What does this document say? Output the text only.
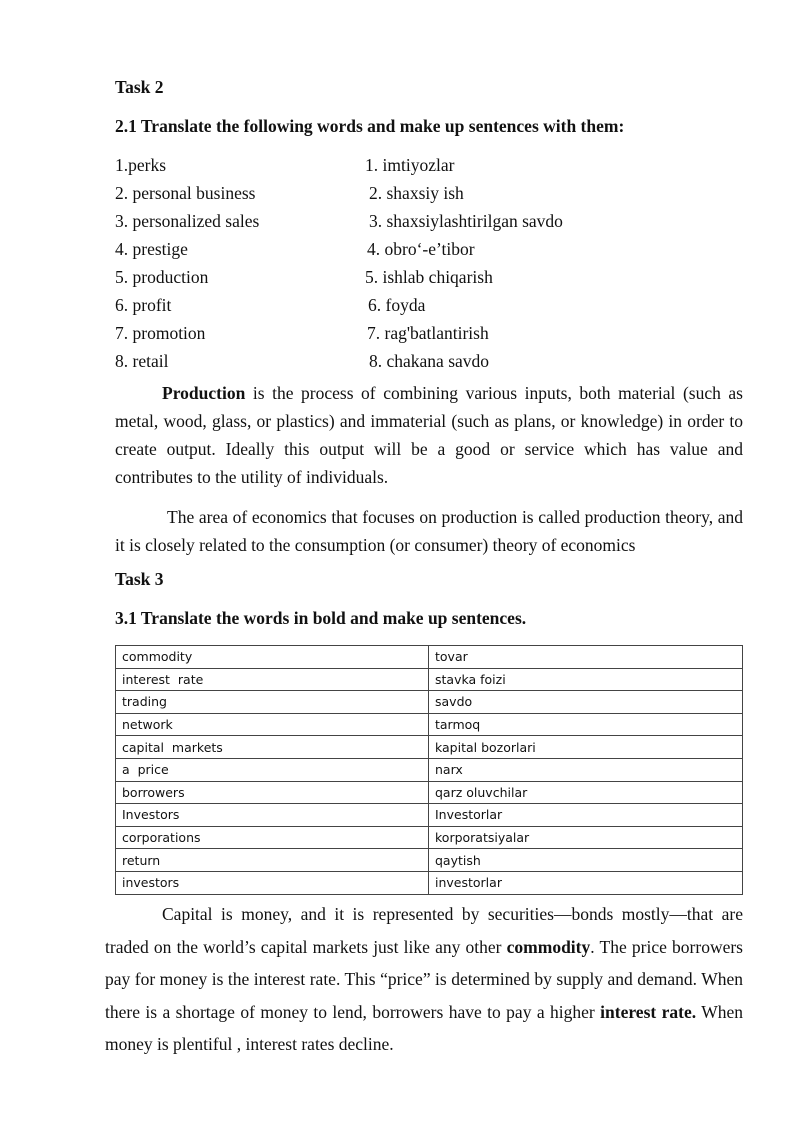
Task 2
2.1 Translate the following words and make up sentences with them:
1.perks	1. imtiyozlar
2. personal business	2. shaxsiy ish
3. personalized sales	3. shaxsiylashtirilgan savdo
4. prestige	4. obro‘-e’tibor
5. production	5. ishlab chiqarish
6. profit	6. foyda
7. promotion	7. rag'batlantirish
8. retail	8. chakana savdo
Production is the process of combining various inputs, both material (such as metal, wood, glass, or plastics) and immaterial (such as plans, or knowledge) in order to create output. Ideally this output will be a good or service which has value and contributes to the utility of individuals.
The area of economics that focuses on production is called production theory, and it is closely related to the consumption (or consumer) theory of economics
Task 3
3.1 Translate the words in bold and make up sentences.
commodity	tovar
interest  rate	stavka foizi
trading	savdo
network	tarmoq
capital  markets	kapital bozorlari
a  price	narx
borrowers	qarz oluvchilar
Investors	Investorlar
corporations	korporatsiyalar
return	qaytish
investors	investorlar
Capital is money, and it is represented by securities—bonds mostly—that are traded on the world’s capital markets just like any other commodity. The price borrowers pay for money is the interest rate. This “price” is determined by supply and demand. When there is a shortage of money to lend, borrowers have to pay a higher interest rate. When money is plentiful , interest rates decline.
